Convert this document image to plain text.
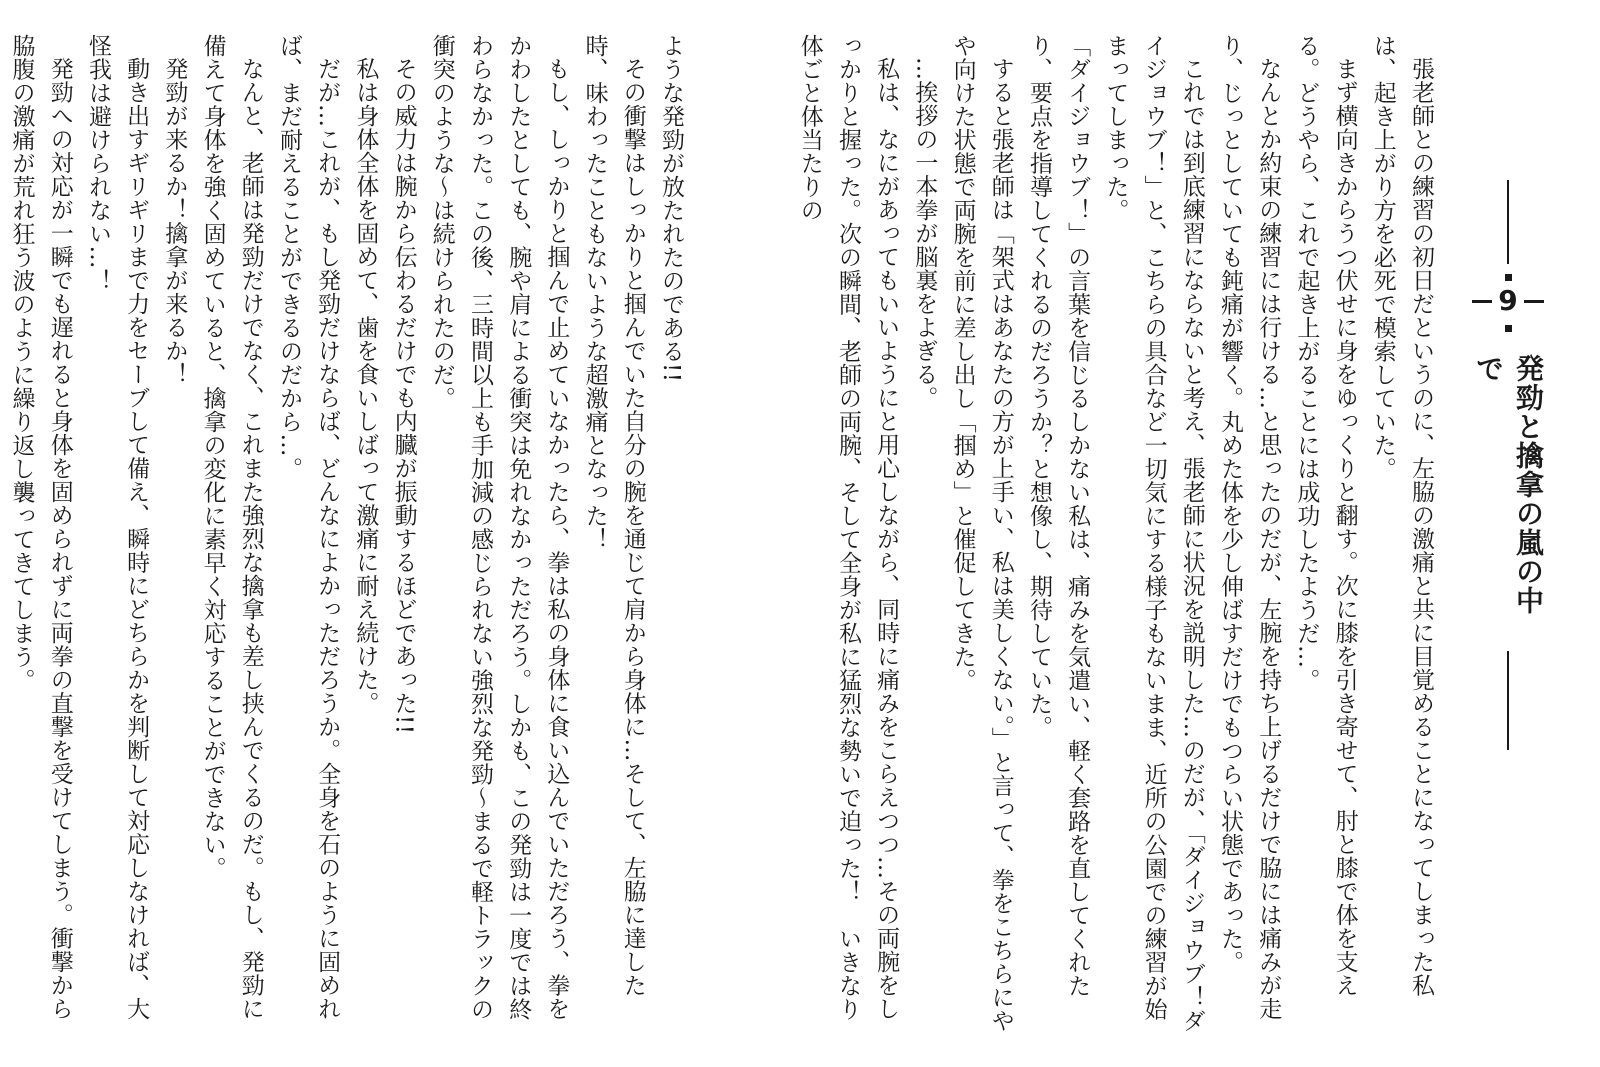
9
発勁と擒拿の嵐の中で

張老師との練習の初日だというのに、左脇の激痛と共に目覚めることになってしまった私は、起き上がり方を必死で模索していた。

まず横向きからうつ伏せに身をゆっくりと翻す。次に膝を引き寄せて、肘と膝で体を支える。どうやら、これで起き上がることには成功したようだ…。

なんとか約束の練習には行ける…と思ったのだが、左腕を持ち上げるだけで脇には痛みが走り、じっとしていても鈍痛が響く。丸めた体を少し伸ばすだけでもつらい状態であった。

これでは到底練習にならないと考え、張老師に状況を説明した…のだが、「ダイジョウブ！ダイジョウブ！」と、こちらの具合など一切気にする様子もないまま、近所の公園での練習が始まってしまった。

「ダイジョウブ！」の言葉を信じるしかない私は、痛みを気遣い、軽く套路を直してくれたり、要点を指導してくれるのだろうか？と想像し、期待していた。

すると張老師は「架式はあなたの方が上手い、私は美しくない。」と言って、拳をこちらにやや向けた状態で両腕を前に差し出し「掴め」と催促してきた。

…挨拶の一本拳が脳裏をよぎる。

私は、なにがあってもいいようにと用心しながら、同時に痛みをこらえつつ…その両腕をしっかりと握った。次の瞬間、老師の両腕、そして全身が私に猛烈な勢いで迫った！　いきなり体ごと体当たりの

ような発勁が放たれたのである!!

その衝撃はしっかりと掴んでいた自分の腕を通じて肩から身体に…そして、左脇に達した時、味わったこともないような超激痛となった！

もし、しっかりと掴んで止めていなかったら、拳は私の身体に食い込んでいただろう、拳をかわしたとしても、腕や肩による衝突は免れなかっただろう。しかも、この発勁は一度では終わらなかった。この後、三時間以上も手加減の感じられない強烈な発勁〜まるで軽トラックの衝突のような〜は続けられたのだ。

その威力は腕から伝わるだけでも内臓が振動するほどであった!!

私は身体全体を固めて、歯を食いしばって激痛に耐え続けた。

だが…これが、もし発勁だけならば、どんなによかっただろうか。全身を石のように固めれば、まだ耐えることができるのだから…。

なんと、老師は発勁だけでなく、これまた強烈な擒拿も差し挟んでくるのだ。もし、発勁に備えて身体を強く固めていると、擒拿の変化に素早く対応することができない。

発勁が来るか！擒拿が来るか！

動き出すギリギリまで力をセーブして備え、瞬時にどちらかを判断して対応しなければ、大怪我は避けられない…！

発勁への対応が一瞬でも遅れると身体を固められずに両拳の直撃を受けてしまう。衝撃から脇腹の激痛が荒れ狂う波のように繰り返し襲ってきてしまう。
